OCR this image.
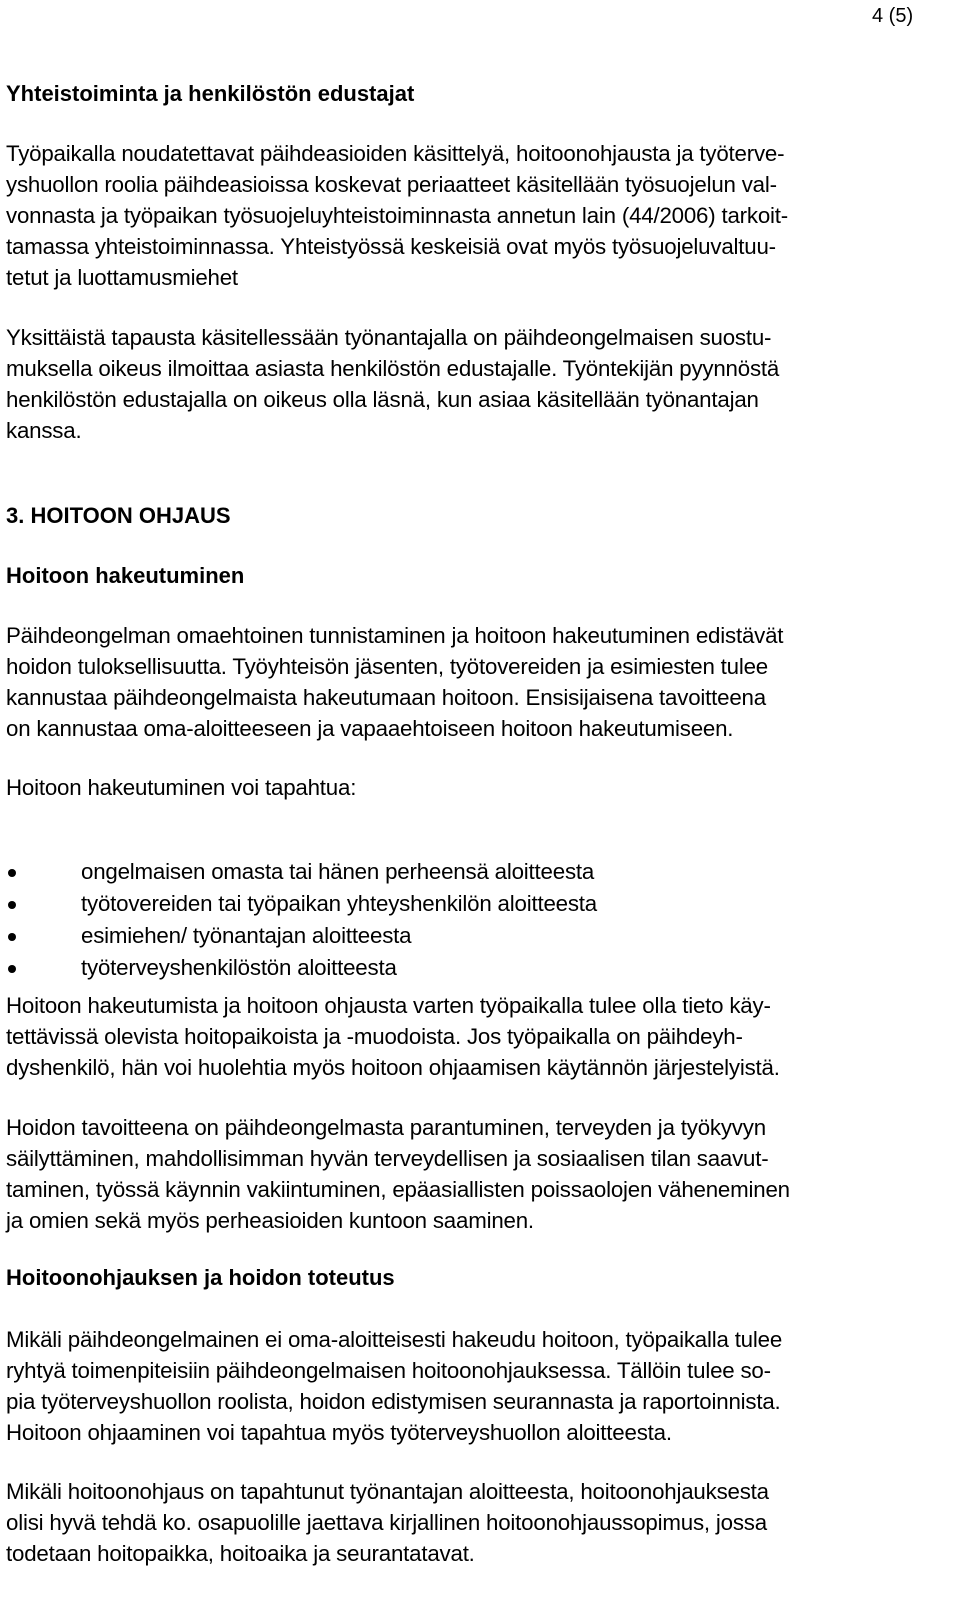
4 (5)
Yhteistoiminta ja henkilöstön edustajat

Työpaikalla noudatettavat päihdeasioiden käsittelyä, hoitoonohjausta ja työterve-
yshuollon roolia päihdeasioissa koskevat periaatteet käsitellään työsuojelun val-
vonnasta ja työpaikan työsuojeluyhteistoiminnasta annetun lain (44/2006) tarkoit-
tamassa yhteistoiminnassa. Yhteistyössä keskeisiä ovat myös työsuojeluvaltuu-
tetut ja luottamusmiehet

Yksittäistä tapausta käsitellessään työnantajalla on päihdeongelmaisen suostu-
muksella oikeus ilmoittaa asiasta henkilöstön edustajalle. Työntekijän pyynnöstä
henkilöstön edustajalla on oikeus olla läsnä, kun asiaa käsitellään työnantajan
kanssa.

3. HOITOON OHJAUS
Hoitoon hakeutuminen

Päihdeongelman omaehtoinen tunnistaminen ja hoitoon hakeutuminen edistävät
hoidon tuloksellisuutta. Työyhteisön jäsenten, työtovereiden ja esimiesten tulee
kannustaa päihdeongelmaista hakeutumaan hoitoon. Ensisijaisena tavoitteena
on kannustaa oma-aloitteeseen ja vapaaehtoiseen hoitoon hakeutumiseen.

Hoitoon hakeutuminen voi tapahtua:

ongelmaisen omasta tai hänen perheensä aloitteesta
työtovereiden tai työpaikan yhteyshenkilön aloitteesta
esimiehen/ työnantajan aloitteesta
työterveyshenkilöstön aloitteesta

Hoitoon hakeutumista ja hoitoon ohjausta varten työpaikalla tulee olla tieto käy-
tettävissä olevista hoitopaikoista ja -muodoista. Jos työpaikalla on päihdeyh-
dyshenkilö, hän voi huolehtia myös hoitoon ohjaamisen käytännön järjestelyistä.

Hoidon tavoitteena on päihdeongelmasta parantuminen, terveyden ja työkyvyn
säilyttäminen, mahdollisimman hyvän terveydellisen ja sosiaalisen tilan saavut-
taminen, työssä käynnin vakiintuminen, epäasiallisten poissaolojen väheneminen
ja omien sekä myös perheasioiden kuntoon saaminen.

Hoitoonohjauksen ja hoidon toteutus

Mikäli päihdeongelmainen ei oma-aloitteisesti hakeudu hoitoon, työpaikalla tulee
ryhtyä toimenpiteisiin päihdeongelmaisen hoitoonohjauksessa. Tällöin tulee so-
pia työterveyshuollon roolista, hoidon edistymisen seurannasta ja raportoinnista.
Hoitoon ohjaaminen voi tapahtua myös työterveyshuollon aloitteesta.

Mikäli hoitoonohjaus on tapahtunut työnantajan aloitteesta, hoitoonohjauksesta
olisi hyvä tehdä ko. osapuolille jaettava kirjallinen hoitoonohjaussopimus, jossa
todetaan hoitopaikka, hoitoaika ja seurantatavat.
